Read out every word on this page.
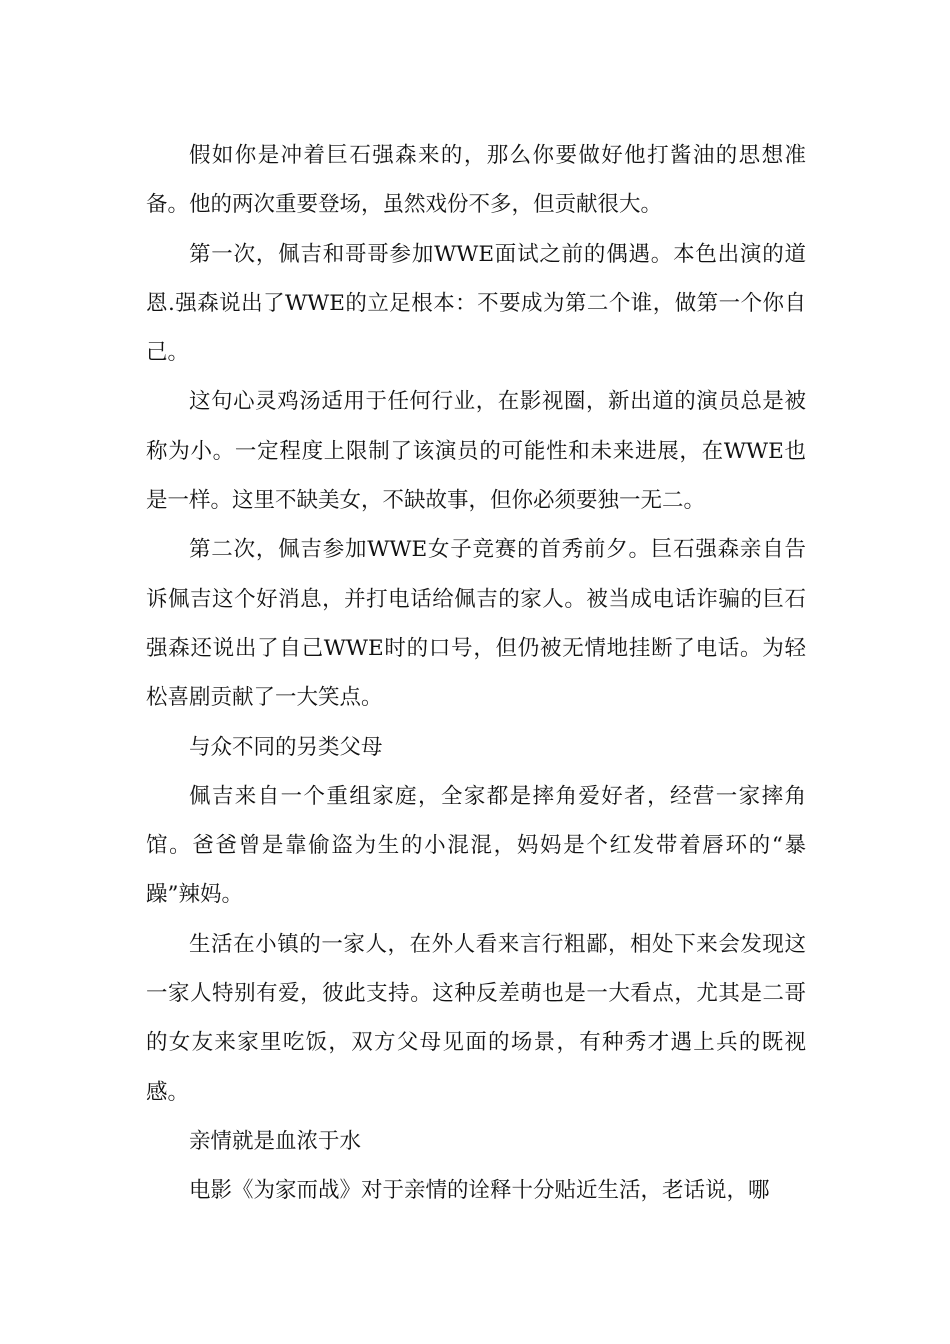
假如你是冲着巨石强森来的，那么你要做好他打酱油的思想准备。他的两次重要登场，虽然戏份不多，但贡献很大。

第一次，佩吉和哥哥参加WWE面试之前的偶遇。本色出演的道恩.强森说出了WWE的立足根本：不要成为第二个谁，做第一个你自己。

这句心灵鸡汤适用于任何行业，在影视圈，新出道的演员总是被称为小。一定程度上限制了该演员的可能性和未来进展，在WWE也是一样。这里不缺美女，不缺故事，但你必须要独一无二。

第二次，佩吉参加WWE女子竞赛的首秀前夕。巨石强森亲自告诉佩吉这个好消息，并打电话给佩吉的家人。被当成电话诈骗的巨石强森还说出了自己WWE时的口号，但仍被无情地挂断了电话。为轻松喜剧贡献了一大笑点。

与众不同的另类父母

佩吉来自一个重组家庭，全家都是摔角爱好者，经营一家摔角馆。爸爸曾是靠偷盗为生的小混混，妈妈是个红发带着唇环的“暴躁”辣妈。

生活在小镇的一家人，在外人看来言行粗鄙，相处下来会发现这一家人特别有爱，彼此支持。这种反差萌也是一大看点，尤其是二哥的女友来家里吃饭，双方父母见面的场景，有种秀才遇上兵的既视感。

亲情就是血浓于水

电影《为家而战》对于亲情的诠释十分贴近生活，老话说，哪
